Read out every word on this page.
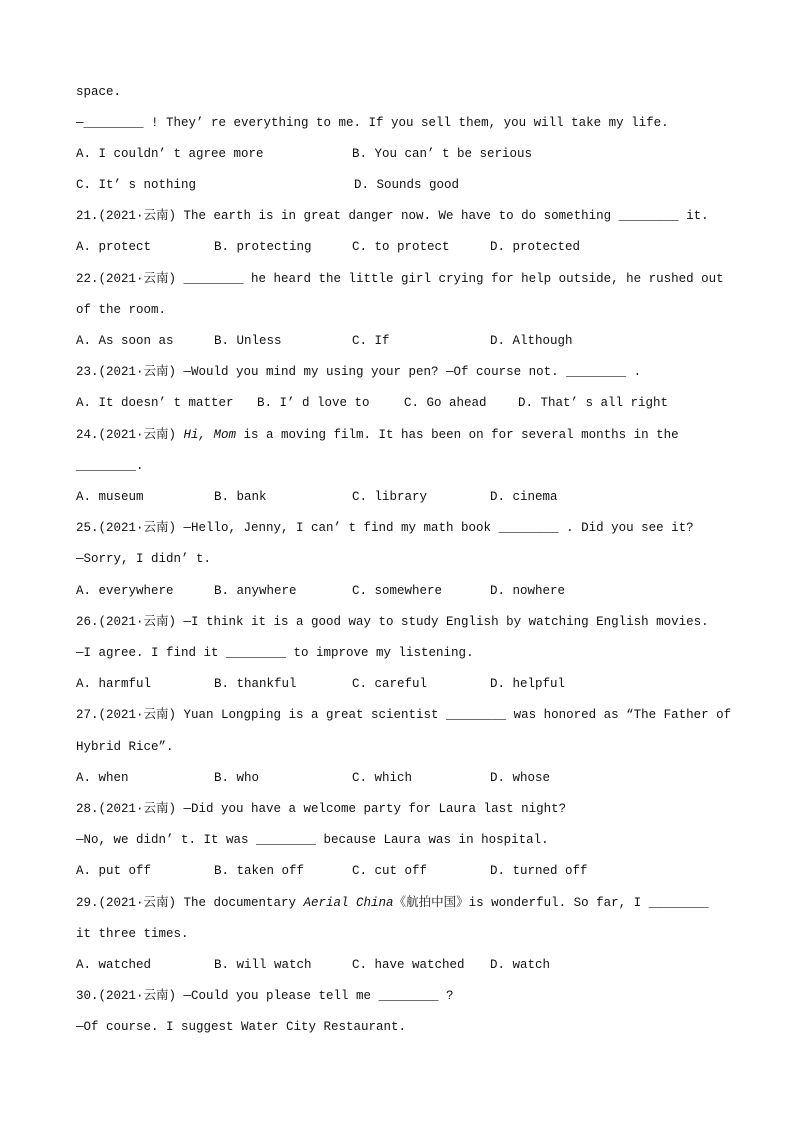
space.
—________ ! They’ re everything to me. If you sell them, you will take my life.
A. I couldn’ t agree more	B. You can’ t be serious
C. It’ s nothing	D. Sounds good
21.(2021·云南) The earth is in great danger now. We have to do something ________ it.
A. protect	B. protecting	C. to protect	D. protected
22.(2021·云南) ________ he heard the little girl crying for help outside, he rushed out
of the room.
A. As soon as	B. Unless	C. If	D. Although
23.(2021·云南) —Would you mind my using your pen? —Of course not. ________ .
A. It doesn’ t matter B. I’ d love to	C. Go ahead	D. That’ s all right
24.(2021·云南) Hi, Mom is a moving film. It has been on for several months in the
________.
A. museum	B. bank	C. library	D. cinema
25.(2021·云南) —Hello, Jenny, I can’ t find my math book ________ . Did you see it?
—Sorry, I didn’ t.
A. everywhere	B. anywhere	C. somewhere	D. nowhere
26.(2021·云南) —I think it is a good way to study English by watching English movies.
—I agree. I find it ________ to improve my listening.
A. harmful	B. thankful	C. careful	D. helpful
27.(2021·云南) Yuan Longping is a great scientist ________ was honored as “The Father of
Hybrid Rice”.
A. when	B. who	C. which	D. whose
28.(2021·云南) —Did you have a welcome party for Laura last night?
—No, we didn’ t. It was ________ because Laura was in hospital.
A. put off	B. taken off	C. cut off	D. turned off
29.(2021·云南) The documentary Aerial China《航拍中国》is wonderful. So far, I ________
it three times.
A. watched	B. will watch	C. have watched D. watch
30.(2021·云南) —Could you please tell me ________ ?
—Of course. I suggest Water City Restaurant.
